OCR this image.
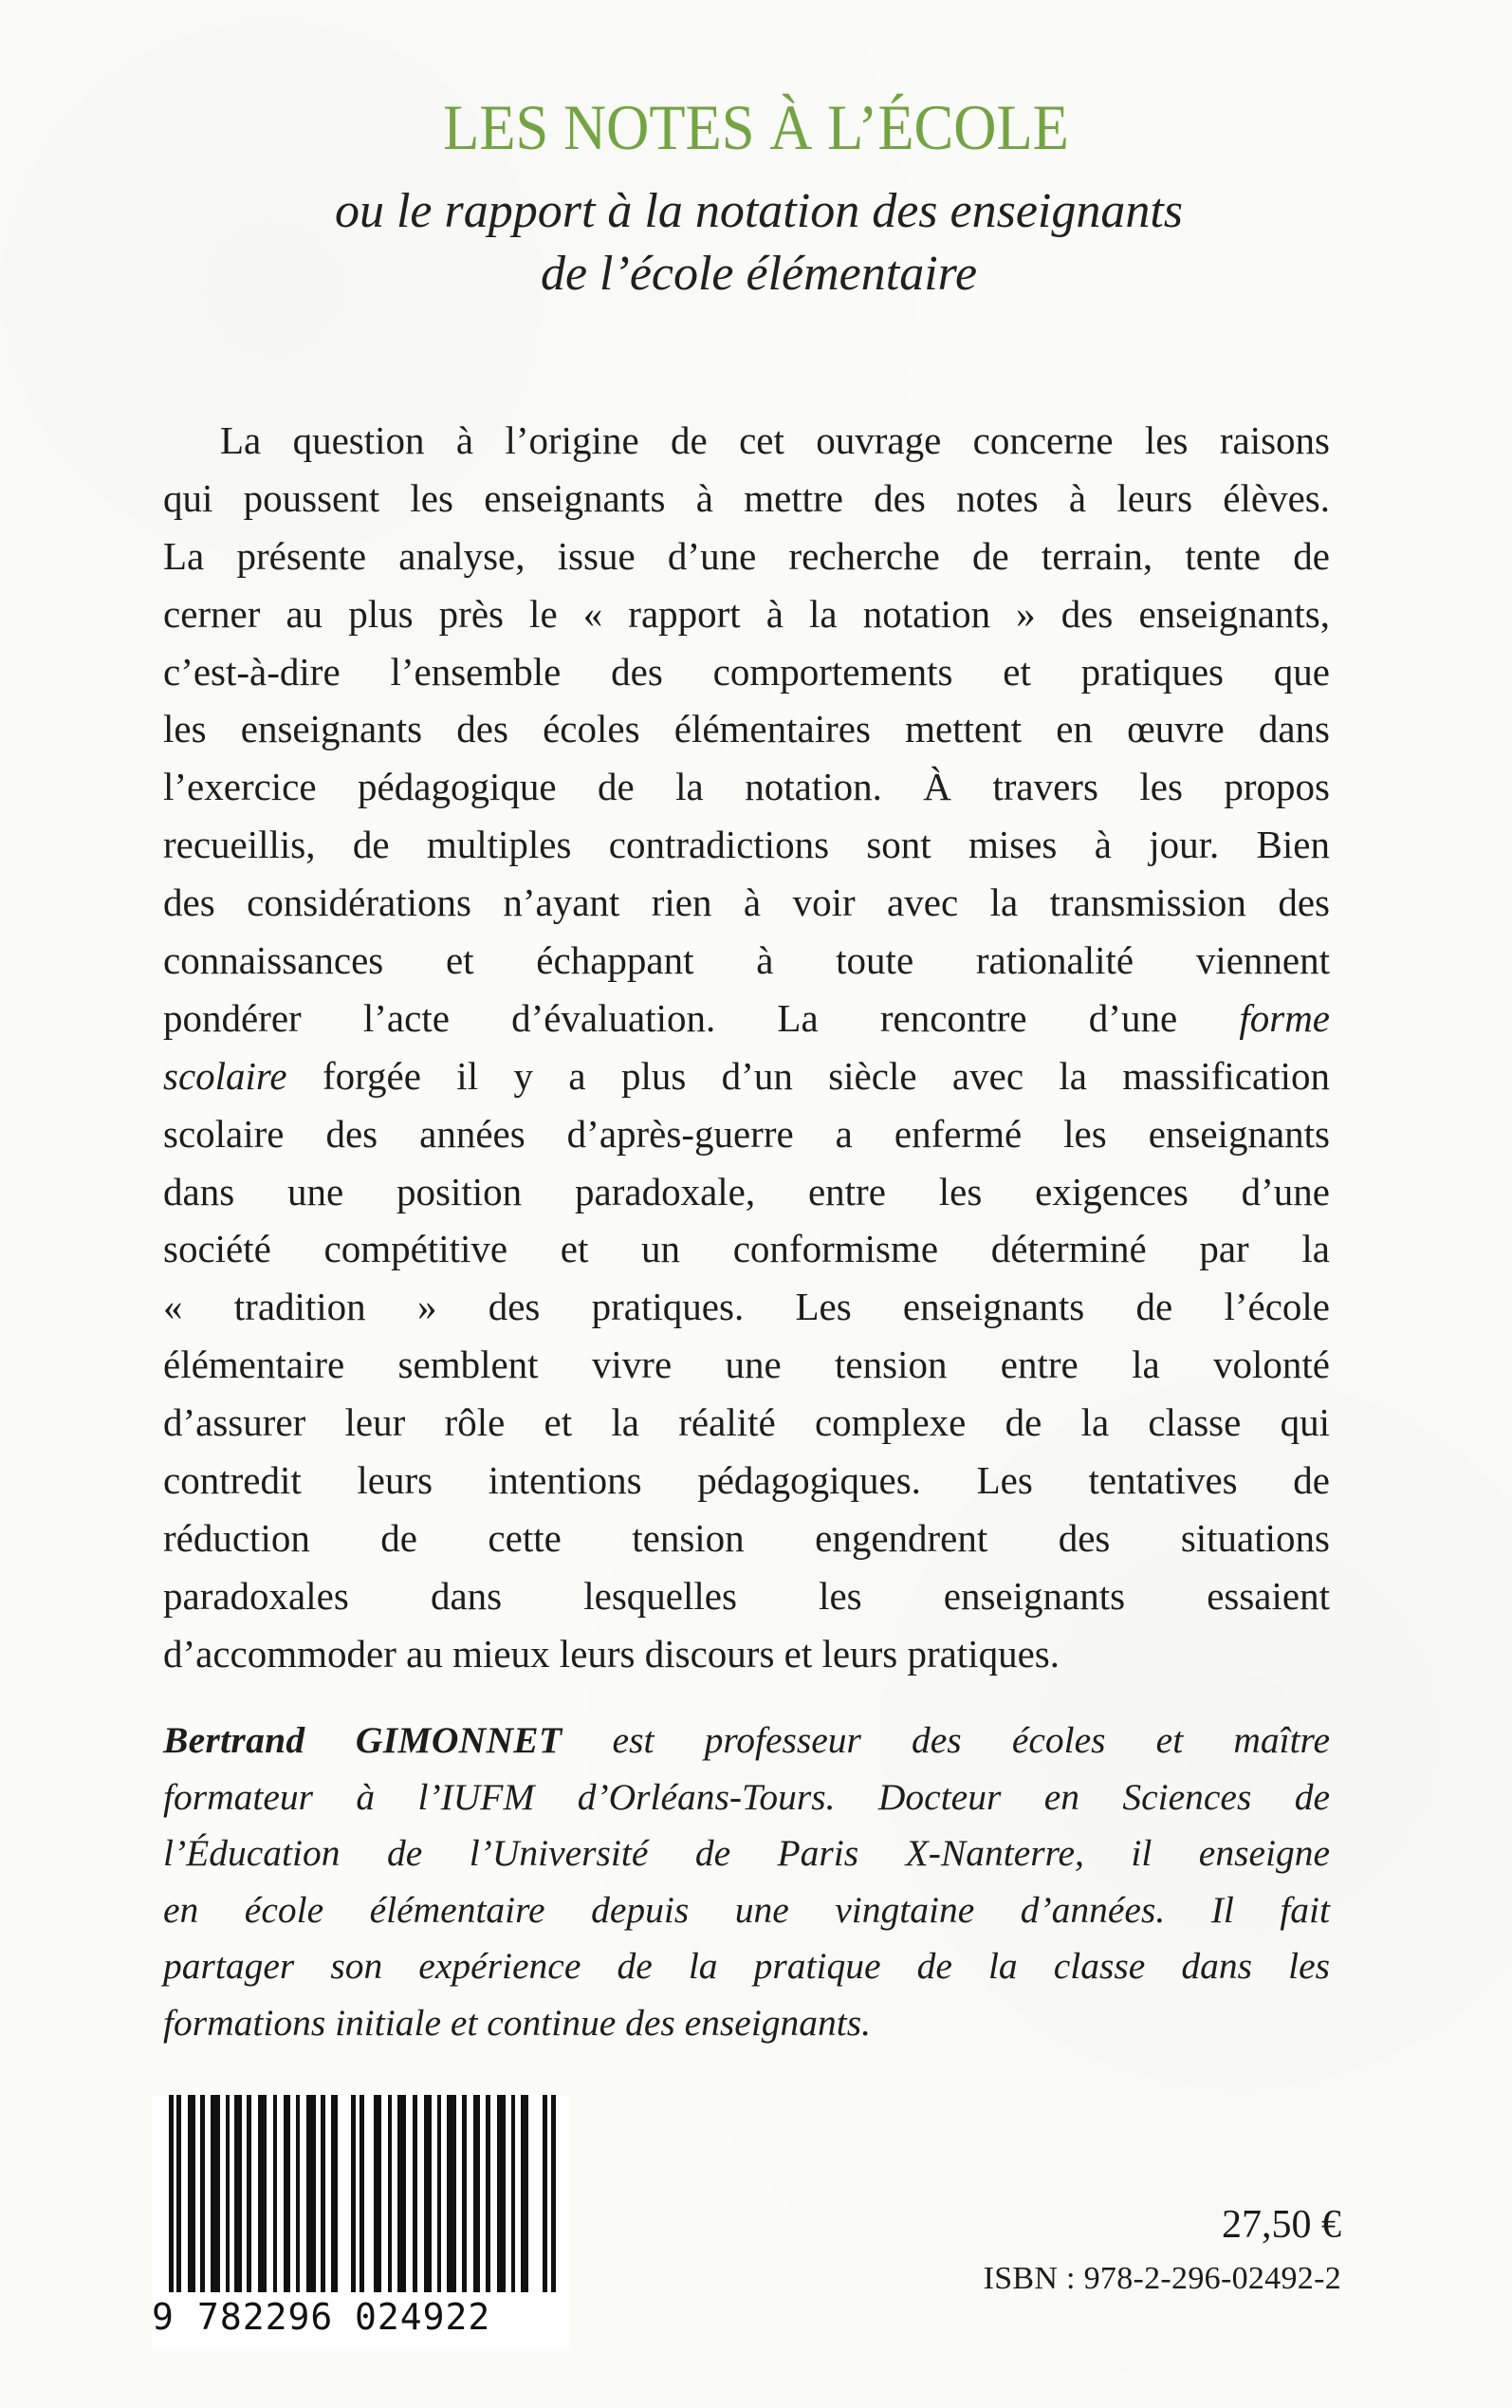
LES NOTES À L’ÉCOLE
ou le rapport à la notation des enseignants
de l’école élémentaire
La question à l’origine de cet ouvrage concerne les raisons
qui poussent les enseignants à mettre des notes à leurs élèves.
La présente analyse, issue d’une recherche de terrain, tente de
cerner au plus près le « rapport à la notation » des enseignants,
c’est-à-dire l’ensemble des comportements et pratiques que
les enseignants des écoles élémentaires mettent en œuvre dans
l’exercice pédagogique de la notation. À travers les propos
recueillis, de multiples contradictions sont mises à jour. Bien
des considérations n’ayant rien à voir avec la transmission des
connaissances et échappant à toute rationalité viennent
pondérer l’acte d’évaluation. La rencontre d’une forme
scolaire forgée il y a plus d’un siècle avec la massification
scolaire des années d’après-guerre a enfermé les enseignants
dans une position paradoxale, entre les exigences d’une
société compétitive et un conformisme déterminé par la
« tradition » des pratiques. Les enseignants de l’école
élémentaire semblent vivre une tension entre la volonté
d’assurer leur rôle et la réalité complexe de la classe qui
contredit leurs intentions pédagogiques. Les tentatives de
réduction de cette tension engendrent des situations
paradoxales dans lesquelles les enseignants essaient
d’accommoder au mieux leurs discours et leurs pratiques.
Bertrand GIMONNET est professeur des écoles et maître
formateur à l’IUFM d’Orléans-Tours. Docteur en Sciences de
l’Éducation de l’Université de Paris X-Nanterre, il enseigne
en école élémentaire depuis une vingtaine d’années. Il fait
partager son expérience de la pratique de la classe dans les
formations initiale et continue des enseignants.
9 782296 024922
27,50 €
ISBN : 978-2-296-02492-2
